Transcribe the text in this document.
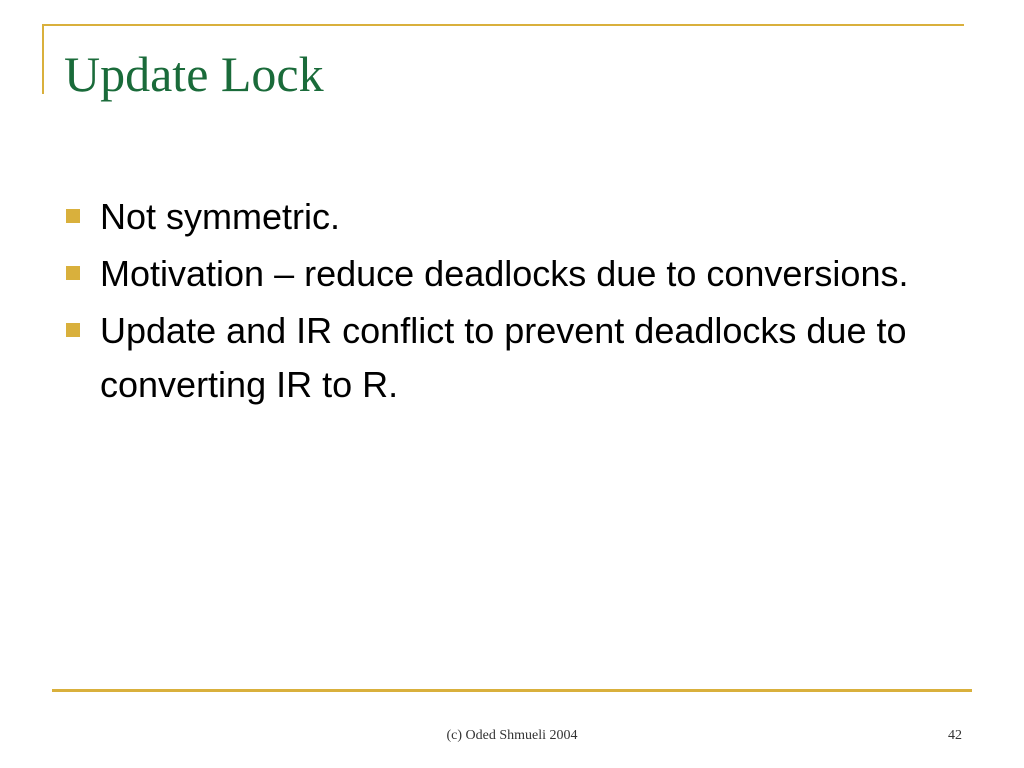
Update Lock
Not symmetric.
Motivation – reduce deadlocks due to conversions.
Update and IR conflict to prevent deadlocks due to converting IR to R.
(c) Oded Shmueli 2004	42
